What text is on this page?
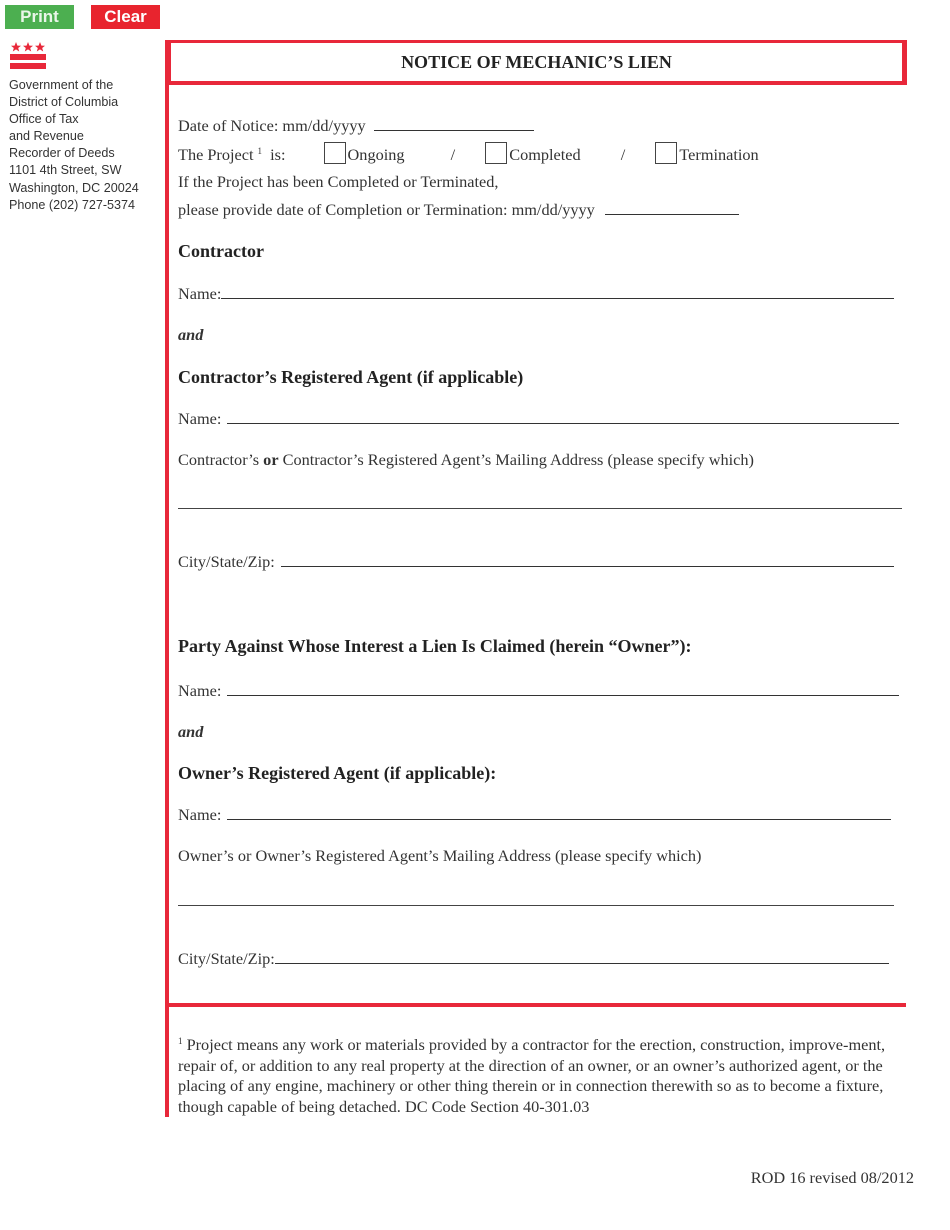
Print	Clear
Government of the
District of Columbia
Office of Tax
and Revenue
Recorder of Deeds
1101 4th Street, SW
Washington, DC 20024
Phone (202) 727-5374
NOTICE OF MECHANIC’S LIEN
Date of Notice: mm/dd/yyyy
The Project $^1$ is:	Ongoing	/	Completed /	Termination
If the Project has been Completed or Terminated,
please provide date of Completion or Termination: mm/dd/yyyy
Contractor
Name:
and
Contractor’s Registered Agent (if applicable)
Name:
Contractor’s or Contractor’s Registered Agent’s Mailing Address (please specify which)
City/State/Zip:
Party Against Whose Interest a Lien Is Claimed (herein “Owner”):
Name:
and
Owner’s Registered Agent (if applicable):
Name:
Owner’s or Owner’s Registered Agent’s Mailing Address (please specify which)
City/State/Zip:
$^1$ Project means any work or materials provided by a contractor for the erection, construction, improve-ment, repair of, or addition to any real property at the direction of an owner, or an owner’s authorized agent, or the placing of any engine, machinery or other thing therein or in connection therewith so as to become a fixture, though capable of being detached. DC Code Section 40-301.03
ROD 16 revised 08/2012
